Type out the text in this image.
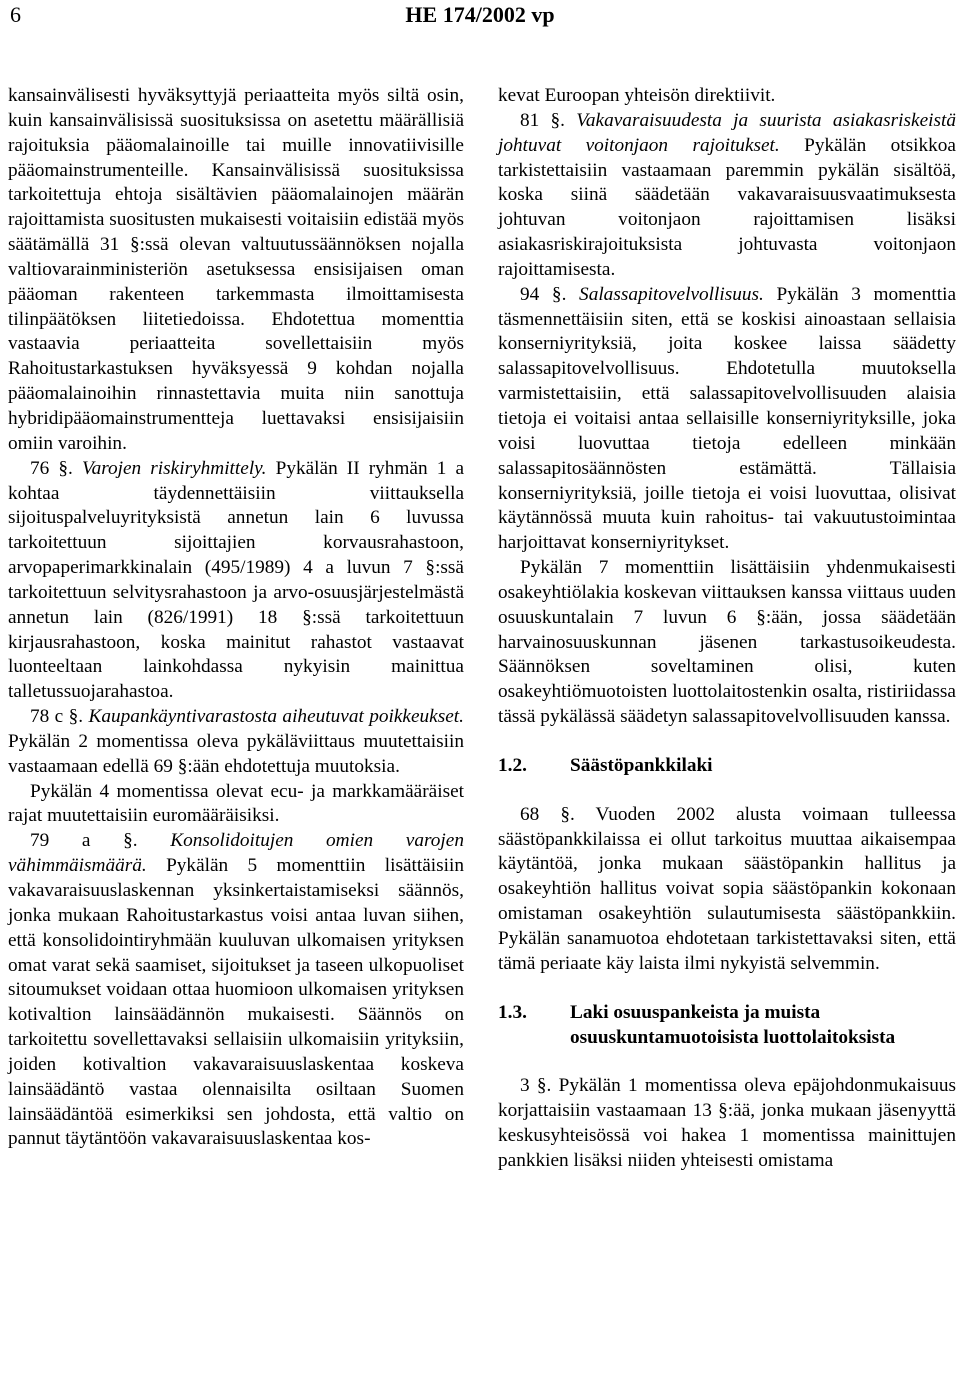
6	HE 174/2002 vp

kansainvälisesti hyväksyttyjä periaatteita myös siltä osin, kuin kansainvälisissä suosituksissa on asetettu määrällisiä rajoituksia pääomalainoille tai muille innovatiivisille pääomainstrumenteille. Kansainvälisissä suosituksissa tarkoitettuja ehtoja sisältävien pääomalainojen määrän rajoittamista suositusten mukaisesti voitaisiin edistää myös säätämällä 31 §:ssä olevan valtuutussäännöksen nojalla valtiovarainministeriön asetuksessa ensisijaisen oman pääoman rakenteen tarkemmasta ilmoittamisesta tilinpäätöksen liitetiedoissa. Ehdotettua momenttia vastaavia periaatteita sovellettaisiin myös Rahoitustarkastuksen hyväksyessä 9 kohdan nojalla pääomalainoihin rinnastettavia muita niin sanottuja hybridipääomainstrumentteja luettavaksi ensisijaisiin omiin varoihin.

76 §. Varojen riskiryhmittely. Pykälän II ryhmän 1 a kohtaa täydennettäisiin viittauksella sijoituspalveluyrityksistä annetun lain 6 luvussa tarkoitettuun sijoittajien korvausrahastoon, arvopaperimarkkinalain (495/1989) 4 a luvun 7 §:ssä tarkoitettuun selvitysrahastoon ja arvo-osuusjärjestelmästä annetun lain (826/1991) 18 §:ssä tarkoitettuun kirjausrahastoon, koska mainitut rahastot vastaavat luonteeltaan lainkohdassa nykyisin mainittua talletussuojarahastoa.

78 c §. Kaupankäyntivarastosta aiheutuvat poikkeukset. Pykälän 2 momentissa oleva pykäläviittaus muutettaisiin vastaamaan edellä 69 §:ään ehdotettuja muutoksia.

Pykälän 4 momentissa olevat ecu- ja markkamääräiset rajat muutettaisiin euromääräisiksi.

79 a §. Konsolidoitujen omien varojen vähimmäismäärä. Pykälän 5 momenttiin lisättäisiin vakavaraisuuslaskennan yksinkertaistamiseksi säännös, jonka mukaan Rahoitustarkastus voisi antaa luvan siihen, että konsolidointiryhmään kuuluvan ulkomaisen yrityksen omat varat sekä saamiset, sijoitukset ja taseen ulkopuoliset sitoumukset voidaan ottaa huomioon ulkomaisen yrityksen kotivaltion lainsäädännön mukaisesti. Säännös on tarkoitettu sovellettavaksi sellaisiin ulkomaisiin yrityksiin, joiden kotivaltion vakavaraisuuslaskentaa koskeva lainsäädäntö vastaa olennaisilta osiltaan Suomen lainsäädäntöä esimerkiksi sen johdosta, että valtio on pannut täytäntöön vakavaraisuuslaskentaa kos-

kevat Euroopan yhteisön direktiivit.

81 §. Vakavaraisuudesta ja suurista asiakasriskeistä johtuvat voitonjaon rajoitukset. Pykälän otsikkoa tarkistettaisiin vastaamaan paremmin pykälän sisältöä, koska siinä säädetään vakavaraisuusvaatimuksesta johtuvan voitonjaon rajoittamisen lisäksi asiakasriskirajoituksista johtuvasta voitonjaon rajoittamisesta.

94 §. Salassapitovelvollisuus. Pykälän 3 momenttia täsmennettäisiin siten, että se koskisi ainoastaan sellaisia konserniyrityksiä, joita koskee laissa säädetty salassapitovelvollisuus. Ehdotetulla muutoksella varmistettaisiin, että salassapitovelvollisuuden alaisia tietoja ei voitaisi antaa sellaisille konserniyrityksille, joka voisi luovuttaa tietoja edelleen minkään salassapitosäännösten estämättä. Tällaisia konserniyrityksiä, joille tietoja ei voisi luovuttaa, olisivat käytännössä muuta kuin rahoitus- tai vakuutustoimintaa harjoittavat konserniyritykset.

Pykälän 7 momenttiin lisättäisiin yhdenmukaisesti osakeyhtiölakia koskevan viittauksen kanssa viittaus uuden osuuskuntalain 7 luvun 6 §:ään, jossa säädetään harvainosuuskunnan jäsenen tarkastusoikeudesta. Säännöksen soveltaminen olisi, kuten osakeyhtiömuotoisten luottolaitostenkin osalta, ristiriidassa tässä pykälässä säädetyn salassapitovelvollisuuden kanssa.

1.2.	Säästöpankkilaki

68 §. Vuoden 2002 alusta voimaan tulleessa säästöpankkilaissa ei ollut tarkoitus muuttaa aikaisempaa käytäntöä, jonka mukaan säästöpankin hallitus ja osakeyhtiön hallitus voivat sopia säästöpankin kokonaan omistaman osakeyhtiön sulautumisesta säästöpankkiin. Pykälän sanamuotoa ehdotetaan tarkistettavaksi siten, että tämä periaate käy laista ilmi nykyistä selvemmin.

1.3.	Laki osuuspankeista ja muista osuuskuntamuotoisista luottolaitoksista

3 §. Pykälän 1 momentissa oleva epäjohdonmukaisuus korjattaisiin vastaamaan 13 §:ää, jonka mukaan jäsenyyttä keskusyhteisössä voi hakea 1 momentissa mainittujen pankkien lisäksi niiden yhteisesti omistama
